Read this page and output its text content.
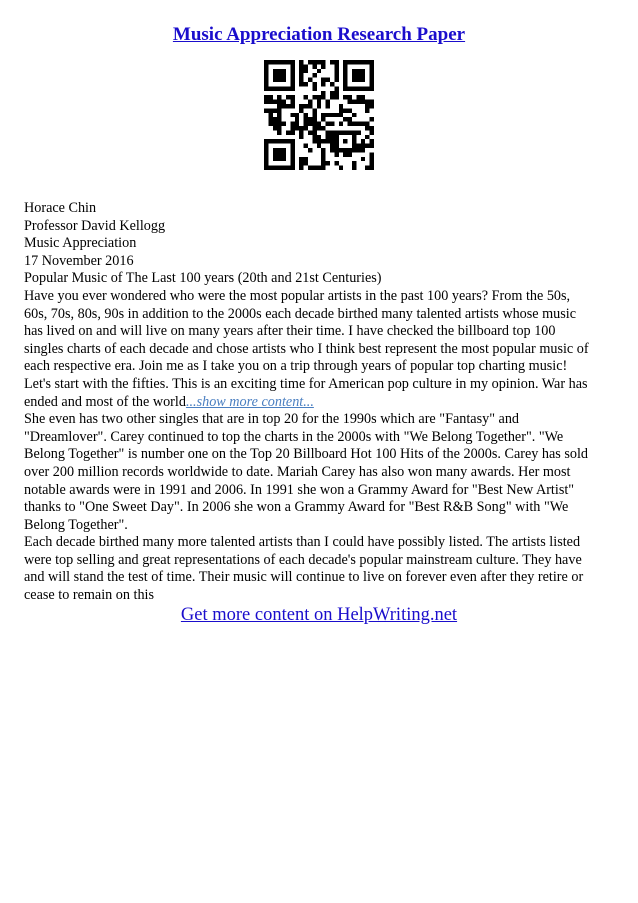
Music Appreciation Research Paper
Horace Chin
Professor David Kellogg
Music Appreciation
17 November 2016
Popular Music of The Last 100 years (20th and 21st Centuries)
Have you ever wondered who were the most popular artists in the past 100 years? From the 50s,
60s, 70s, 80s, 90s in addition to the 2000s each decade birthed many talented artists whose music
has lived on and will live on many years after their time. I have checked the billboard top 100
singles charts of each decade and chose artists who I think best represent the most popular music of
each respective era. Join me as I take you on a trip through years of popular top charting music!
Let's start with the fifties. This is an exciting time for American pop culture in my opinion. War has
ended and most of the world...show more content...
She even has two other singles that are in top 20 for the 1990s which are "Fantasy" and
"Dreamlover". Carey continued to top the charts in the 2000s with "We Belong Together". "We
Belong Together" is number one on the Top 20 Billboard Hot 100 Hits of the 2000s. Carey has sold
over 200 million records worldwide to date. Mariah Carey has also won many awards. Her most
notable awards were in 1991 and 2006. In 1991 she won a Grammy Award for "Best New Artist"
thanks to "One Sweet Day". In 2006 she won a Grammy Award for "Best R&B Song" with "We
Belong Together".
Each decade birthed many more talented artists than I could have possibly listed. The artists listed
were top selling and great representations of each decade's popular mainstream culture. They have
and will stand the test of time. Their music will continue to live on forever even after they retire or
cease to remain on this
Get more content on HelpWriting.net
